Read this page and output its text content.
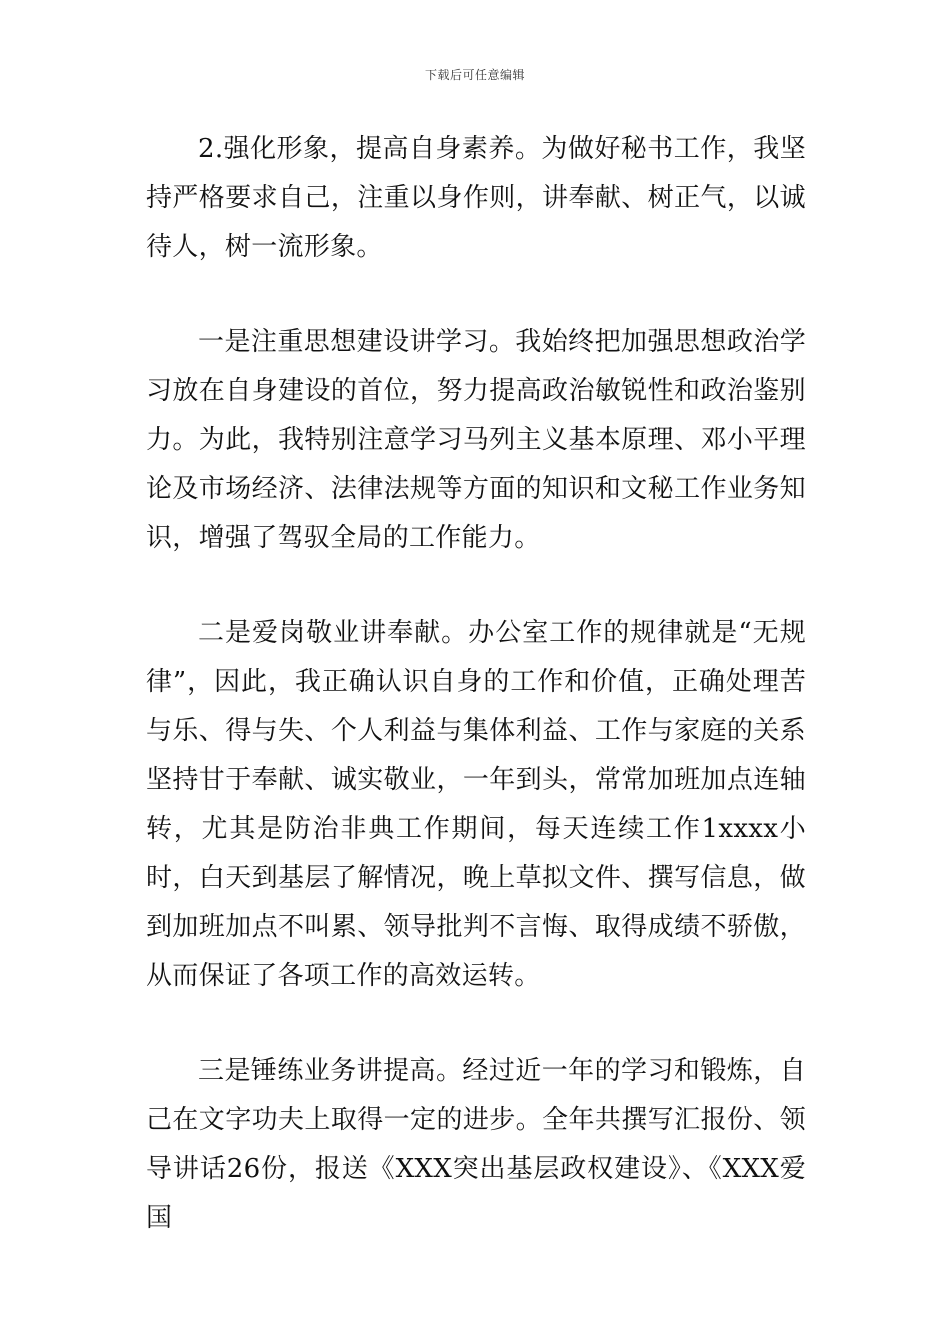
下载后可任意编辑

2.强化形象，提高自身素养。为做好秘书工作，我坚持严格要求自己，注重以身作则，讲奉献、树正气，以诚待人，树一流形象。

一是注重思想建设讲学习。我始终把加强思想政治学习放在自身建设的首位，努力提高政治敏锐性和政治鉴别力。为此，我特别注意学习马列主义基本原理、邓小平理论及市场经济、法律法规等方面的知识和文秘工作业务知识，增强了驾驭全局的工作能力。

二是爱岗敬业讲奉献。办公室工作的规律就是“无规律”，因此，我正确认识自身的工作和价值，正确处理苦与乐、得与失、个人利益与集体利益、工作与家庭的关系坚持甘于奉献、诚实敬业，一年到头，常常加班加点连轴转，尤其是防治非典工作期间，每天连续工作1xxxx小时，白天到基层了解情况，晚上草拟文件、撰写信息，做到加班加点不叫累、领导批判不言悔、取得成绩不骄傲，从而保证了各项工作的高效运转。

三是锤练业务讲提高。经过近一年的学习和锻炼，自己在文字功夫上取得一定的进步。全年共撰写汇报份、领导讲话26份，报送《XXX突出基层政权建设》、《XXX爱国
